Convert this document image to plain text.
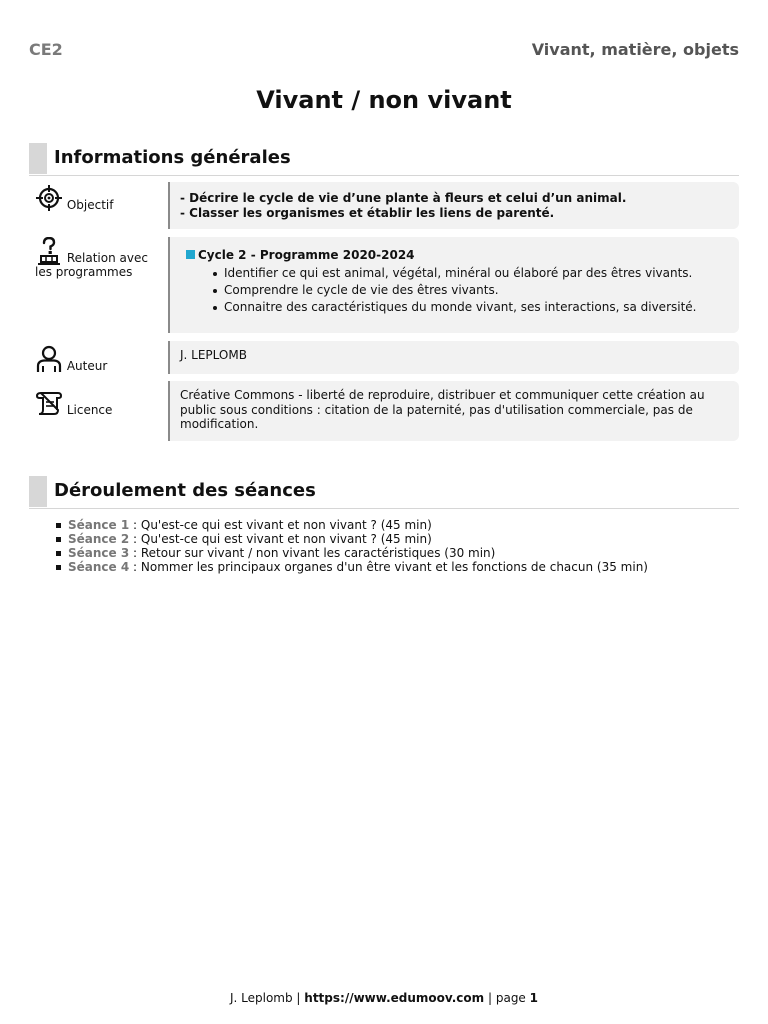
CE2	Vivant, matière, objets
Vivant / non vivant
Informations générales
Objectif	- Décrire le cycle de vie d’une plante à fleurs et celui d’un animal.
- Classer les organismes et établir les liens de parenté.
Relation avec les programmes
Cycle 2 - Programme 2020-2024
Identifier ce qui est animal, végétal, minéral ou élaboré par des êtres vivants.
Comprendre le cycle de vie des êtres vivants.
Connaitre des caractéristiques du monde vivant, ses interactions, sa diversité.
Auteur
J. LEPLOMB
Licence
Créative Commons - liberté de reproduire, distribuer et communiquer cette création au public sous conditions : citation de la paternité, pas d'utilisation commerciale, pas de modification.
Déroulement des séances
Séance 1 : Qu'est-ce qui est vivant et non vivant ? (45 min)
Séance 2 : Qu'est-ce qui est vivant et non vivant ? (45 min)
Séance 3 : Retour sur vivant / non vivant les caractéristiques (30 min)
Séance 4 : Nommer les principaux organes d'un être vivant et les fonctions de chacun (35 min)
J. Leplomb | https://www.edumoov.com | page 1
